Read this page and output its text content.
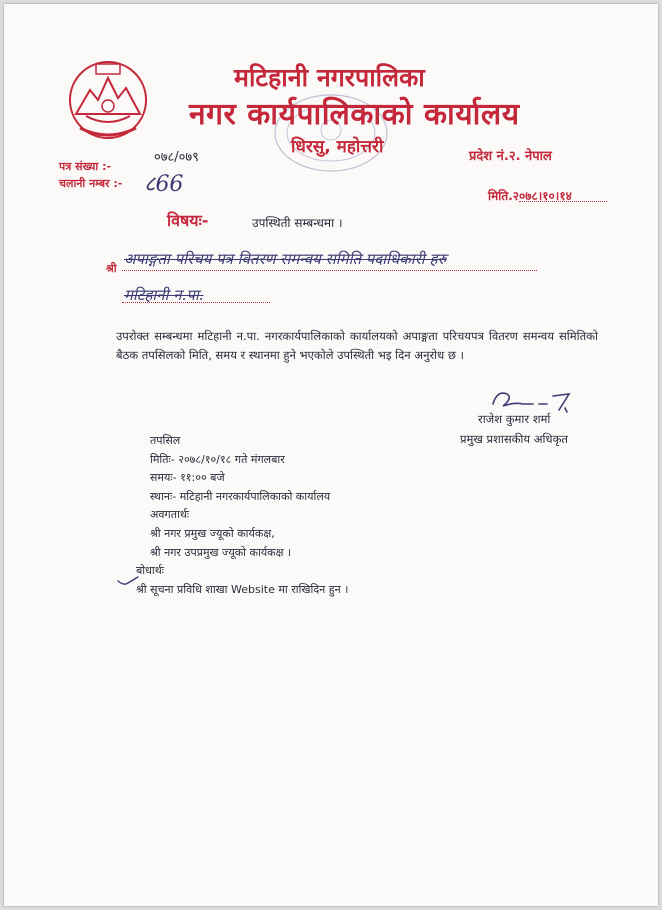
मटिहानी नगरपालिका
नगर कार्यपालिकाको कार्यालय
धिरसु, महोत्तरी	प्रदेश नं.२. नेपाल
पत्र संख्या :-
चलानी नम्बर :-
०७८/०७९
८66	मिति.२०७८।१०।१४
विषयः-	उपस्थिती सम्बन्धमा ।
श्री
अपाङ्गता परिचय पत्र वितरण समन्वय समिति पदाधिकारी हरु
मटिहानी न.पा.
उपरोक्त सम्बन्धमा मटिहानी न.पा. नगरकार्यपालिकाको कार्यालयको अपाङ्गता परिचयपत्र वितरण समन्वय समितिको बैठक तपसिलको मिति, समय र स्थानमा हुने भएकोले उपस्थिती भइ दिन अनुरोध छ ।
राजेश कुमार शर्मा
प्रमुख प्रशासकीय अधिकृत
तपसिल
मितिः- २०७८/१०/१८ गते मंगलबार
समयः- ११:०० बजे
स्थानः- मटिहानी नगरकार्यपालिकाको कार्यालय
अवगतार्थः
श्री नगर प्रमुख ज्यूको कार्यकक्ष,
श्री नगर उपप्रमुख ज्यूको कार्यकक्ष ।
बोधार्थः
श्री सूचना प्रविधि शाखा Website मा राखिदिन हुन ।
